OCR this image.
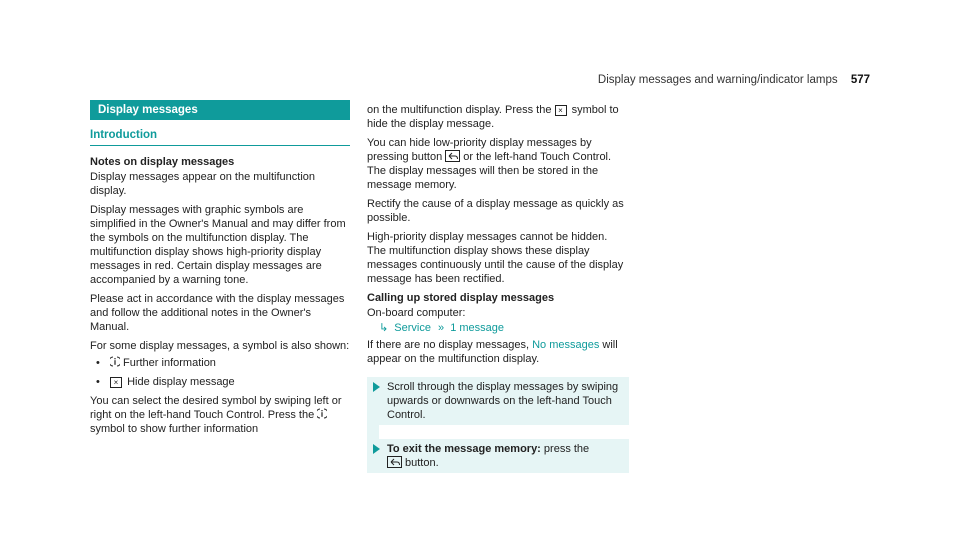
Display messages and warning/indicator lamps 577
Display messages
Introduction

Notes on display messages

Display messages appear on the multifunction display.

Display messages with graphic symbols are simplified in the Owner's Manual and may differ from the symbols on the multifunction display. The multifunction display shows high-priority display messages in red. Certain display messages are accompanied by a warning tone.

Please act in accordance with the display messages and follow the additional notes in the Owner's Manual.

For some display messages, a symbol is also shown:

• Further information
• × Hide display message

You can select the desired symbol by swiping left or right on the left-hand Touch Control. Press the symbol to show further information

on the multifunction display. Press the × symbol to hide the display message.

You can hide low-priority display messages by pressing button or the left-hand Touch Control. The display messages will then be stored in the message memory.

Rectify the cause of a display message as quickly as possible.

High-priority display messages cannot be hidden. The multifunction display shows these display messages continuously until the cause of the display message has been rectified.

Calling up stored display messages

On-board computer:

↳ Service » 1 message

If there are no display messages, No messages will appear on the multifunction display.

Scroll through the display messages by swiping upwards or downwards on the left-hand Touch Control.
To exit the message memory: press the

button.
